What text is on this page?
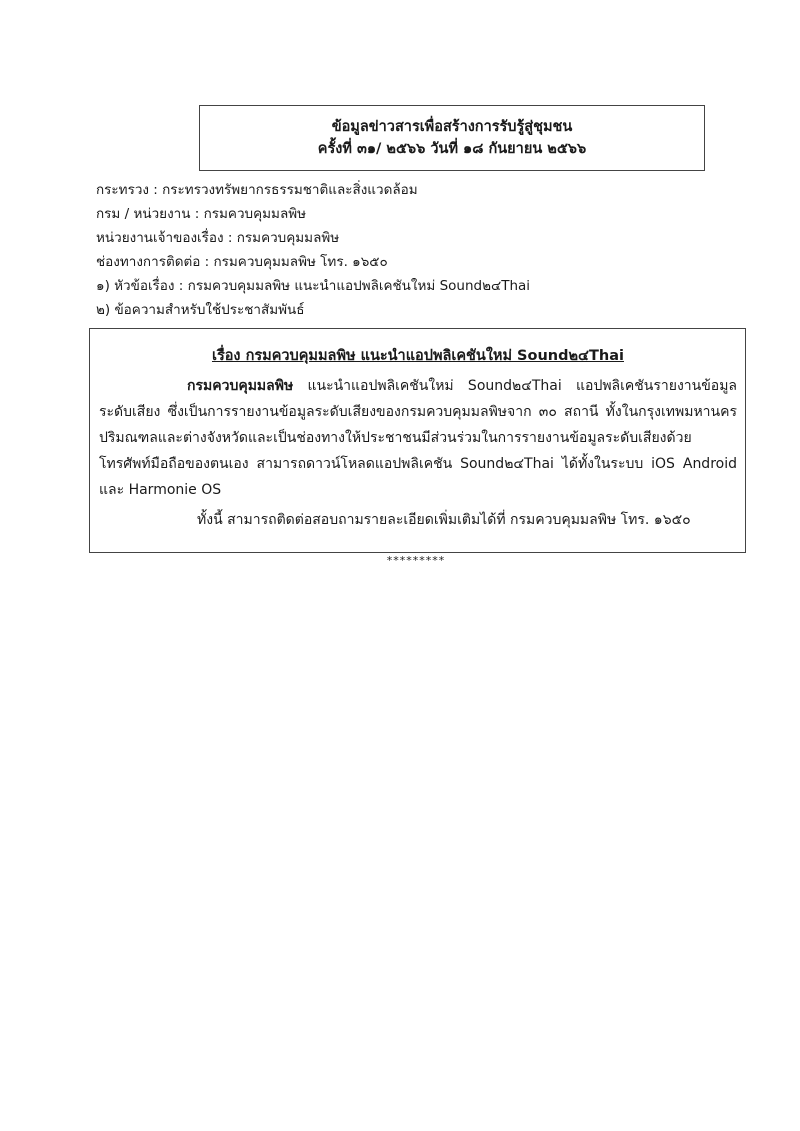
ข้อมูลข่าวสารเพื่อสร้างการรับรู้สู่ชุมชน
ครั้งที่ ๓๑/ ๒๕๖๖ วันที่ ๑๘ กันยายน ๒๕๖๖
กระทรวง : กระทรวงทรัพยากรธรรมชาติและสิ่งแวดล้อม
กรม / หน่วยงาน : กรมควบคุมมลพิษ
หน่วยงานเจ้าของเรื่อง : กรมควบคุมมลพิษ
ช่องทางการติดต่อ : กรมควบคุมมลพิษ โทร. ๑๖๕๐
๑) หัวข้อเรื่อง : กรมควบคุมมลพิษ แนะนำแอปพลิเคชันใหม่ Sound๒๔Thai
๒) ข้อความสำหรับใช้ประชาสัมพันธ์
เรื่อง กรมควบคุมมลพิษ แนะนำแอปพลิเคชันใหม่ Sound๒๔Thai
กรมควบคุมมลพิษ แนะนำแอปพลิเคชันใหม่ Sound๒๔Thai แอปพลิเคชันรายงานข้อมูลระดับเสียง ซึ่งเป็นการรายงานข้อมูลระดับเสียงของกรมควบคุมมลพิษจาก ๓๐ สถานี ทั้งในกรุงเทพมหานครปริมณฑลและต่างจังหวัดและเป็นช่องทางให้ประชาชนมีส่วนร่วมในการรายงานข้อมูลระดับเสียงด้วยโทรศัพท์มือถือของตนเอง สามารถดาวน์โหลดแอปพลิเคชัน Sound๒๔Thai ได้ทั้งในระบบ iOS Android และ Harmonie OS
ทั้งนี้ สามารถติดต่อสอบถามรายละเอียดเพิ่มเติมได้ที่ กรมควบคุมมลพิษ โทร. ๑๖๕๐
*********
